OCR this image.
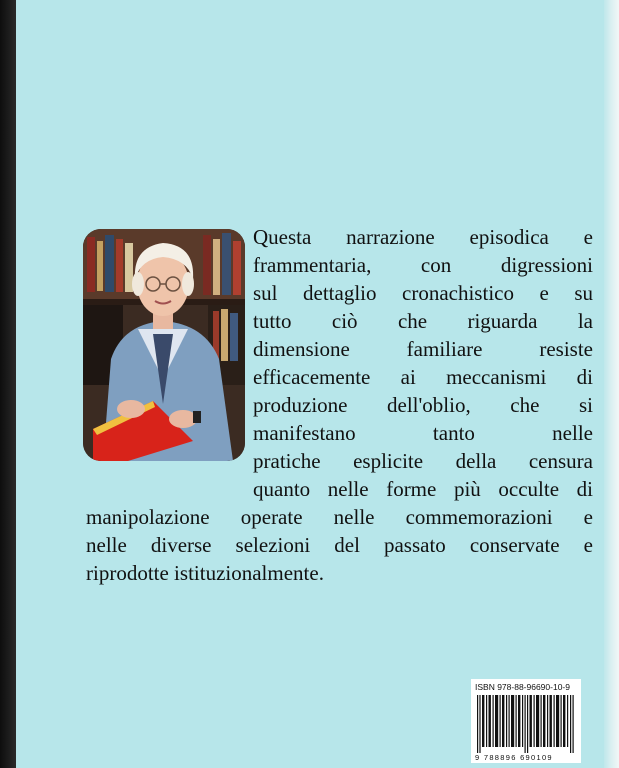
Questa narrazione episodica e
frammentaria, con digressioni
sul dettaglio cronachistico e su
tutto ciò che riguarda la
dimensione familiare resiste
efficacemente ai meccanismi di
produzione dell'oblio, che si
manifestano tanto nelle
pratiche esplicite della censura
quanto nelle forme più occulte di
manipolazione operate nelle commemorazioni e
nelle diverse selezioni del passato conservate e
riprodotte istituzionalmente.
ISBN 978-88-96690-10-9
9 788896 690109
